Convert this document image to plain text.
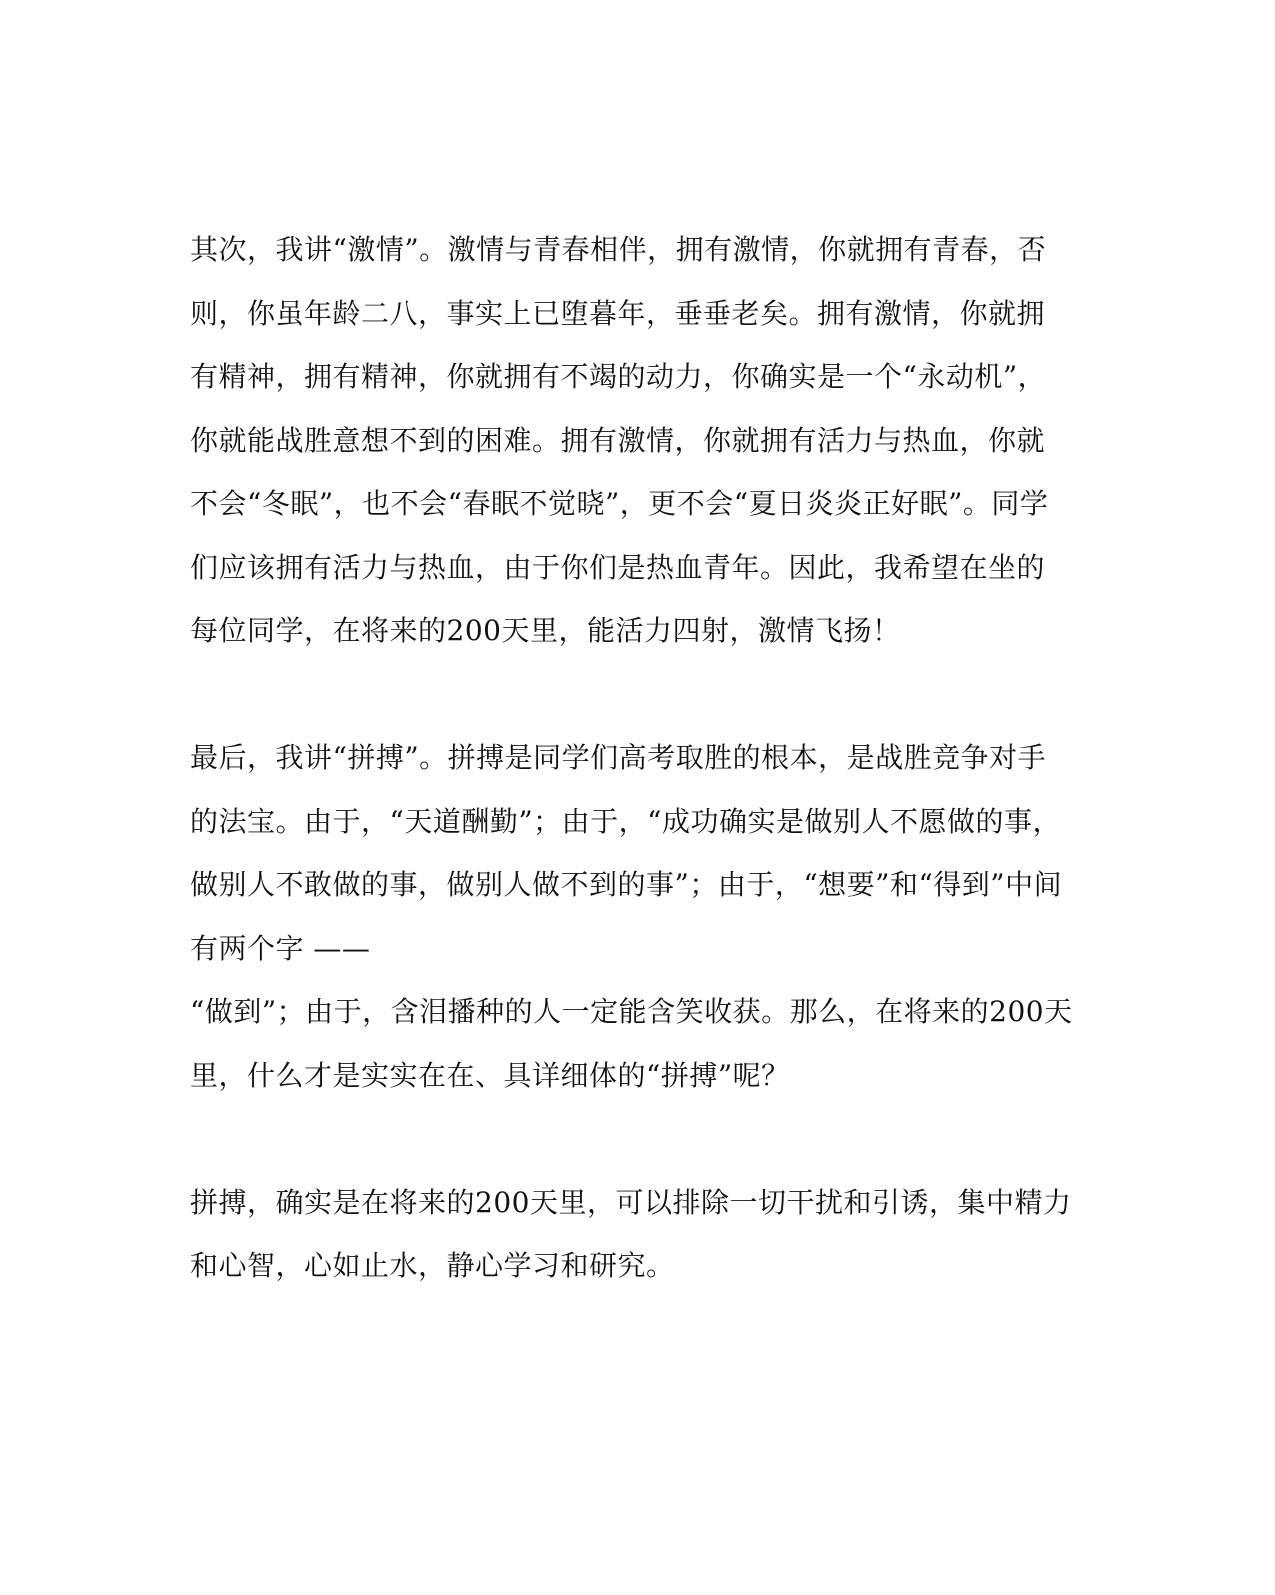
其次，我讲“激情”。激情与青春相伴，拥有激情，你就拥有青春，否
则，你虽年龄二八，事实上已堕暮年，垂垂老矣。拥有激情，你就拥
有精神，拥有精神，你就拥有不竭的动力，你确实是一个“永动机”，
你就能战胜意想不到的困难。拥有激情，你就拥有活力与热血，你就
不会“冬眠”，也不会“春眠不觉晓”，更不会“夏日炎炎正好眠”。同学
们应该拥有活力与热血，由于你们是热血青年。因此，我希望在坐的
每位同学，在将来的200天里，能活力四射，激情飞扬！
最后，我讲“拼搏”。拼搏是同学们高考取胜的根本，是战胜竞争对手
的法宝。由于，“天道酬勤”；由于，“成功确实是做别人不愿做的事，
做别人不敢做的事，做别人做不到的事”；由于，“想要”和“得到”中间
有两个字 ——
“做到”；由于，含泪播种的人一定能含笑收获。那么，在将来的200天
里，什么才是实实在在、具详细体的“拼搏”呢？
拼搏，确实是在将来的200天里，可以排除一切干扰和引诱，集中精力
和心智，心如止水，静心学习和研究。
